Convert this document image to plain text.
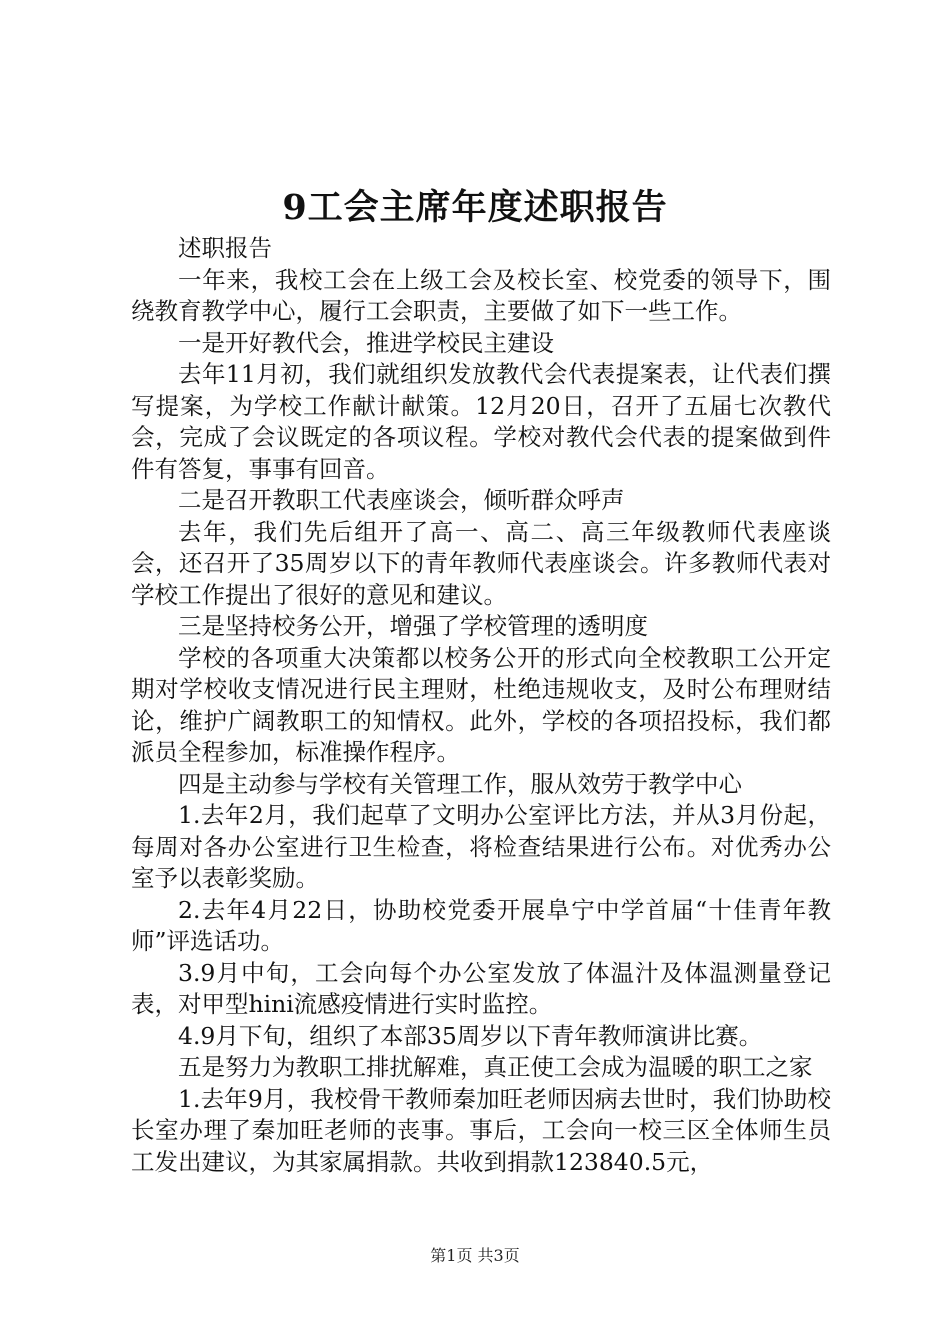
9工会主席年度述职报告

述职报告

一年来，我校工会在上级工会及校长室、校党委的领导下，围绕教育教学中心，履行工会职责，主要做了如下一些工作。

一是开好教代会，推进学校民主建设

去年11月初，我们就组织发放教代会代表提案表，让代表们撰写提案，为学校工作献计献策。12月20日，召开了五届七次教代会，完成了会议既定的各项议程。学校对教代会代表的提案做到件件有答复，事事有回音。

二是召开教职工代表座谈会，倾听群众呼声

去年，我们先后组开了高一、高二、高三年级教师代表座谈会，还召开了35周岁以下的青年教师代表座谈会。许多教师代表对学校工作提出了很好的意见和建议。

三是坚持校务公开，增强了学校管理的透明度

学校的各项重大决策都以校务公开的形式向全校教职工公开定期对学校收支情况进行民主理财，杜绝违规收支，及时公布理财结论，维护广阔教职工的知情权。此外，学校的各项招投标，我们都派员全程参加，标准操作程序。

四是主动参与学校有关管理工作，服从效劳于教学中心

1.去年2月，我们起草了文明办公室评比方法，并从3月份起，每周对各办公室进行卫生检查，将检查结果进行公布。对优秀办公室予以表彰奖励。

2.去年4月22日，协助校党委开展阜宁中学首届“十佳青年教师”评选话功。

3.9月中旬，工会向每个办公室发放了体温汁及体温测量登记表，对甲型hini流感疫情进行实时监控。

4.9月下旬，组织了本部35周岁以下青年教师演讲比赛。

五是努力为教职工排扰解难，真正使工会成为温暖的职工之家

1.去年9月，我校骨干教师秦加旺老师因病去世时，我们协助校长室办理了秦加旺老师的丧事。事后，工会向一校三区全体师生员工发出建议，为其家属捐款。共收到捐款123840.5元，

第1页 共3页
